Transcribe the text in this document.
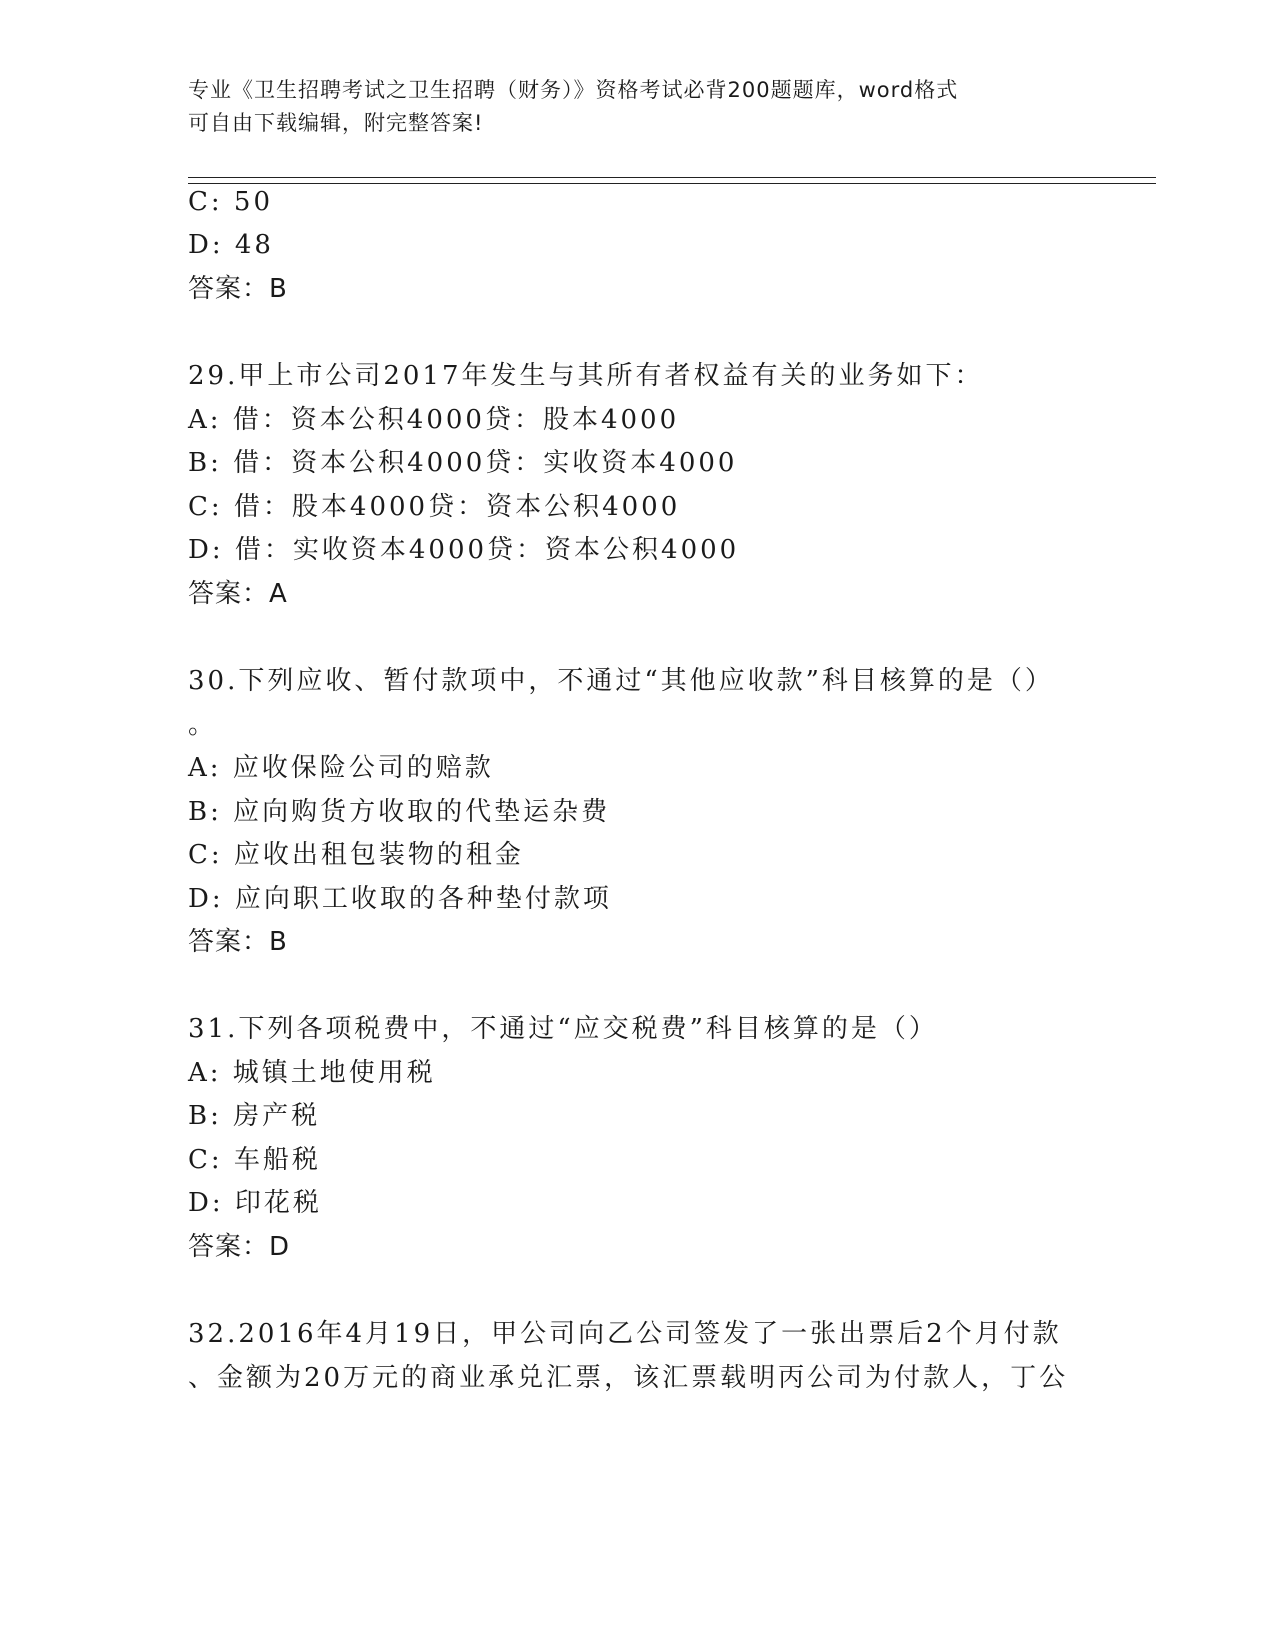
专业《卫生招聘考试之卫生招聘（财务）》资格考试必背200题题库，word格式
可自由下载编辑，附完整答案!
C: 50
D: 48
答案：B
29.甲上市公司2017年发生与其所有者权益有关的业务如下：
A: 借：资本公积4000贷：股本4000
B: 借：资本公积4000贷：实收资本4000
C: 借：股本4000贷：资本公积4000
D: 借：实收资本4000贷：资本公积4000
答案：A
30.下列应收、暂付款项中，不通过“其他应收款”科目核算的是（）
。
A: 应收保险公司的赔款
B: 应向购货方收取的代垫运杂费
C: 应收出租包装物的租金
D: 应向职工收取的各种垫付款项
答案：B
31.下列各项税费中，不通过“应交税费”科目核算的是（）
A: 城镇土地使用税
B: 房产税
C: 车船税
D: 印花税
答案：D
32.2016年4月19日，甲公司向乙公司签发了一张出票后2个月付款
、金额为20万元的商业承兑汇票，该汇票载明丙公司为付款人，丁公
